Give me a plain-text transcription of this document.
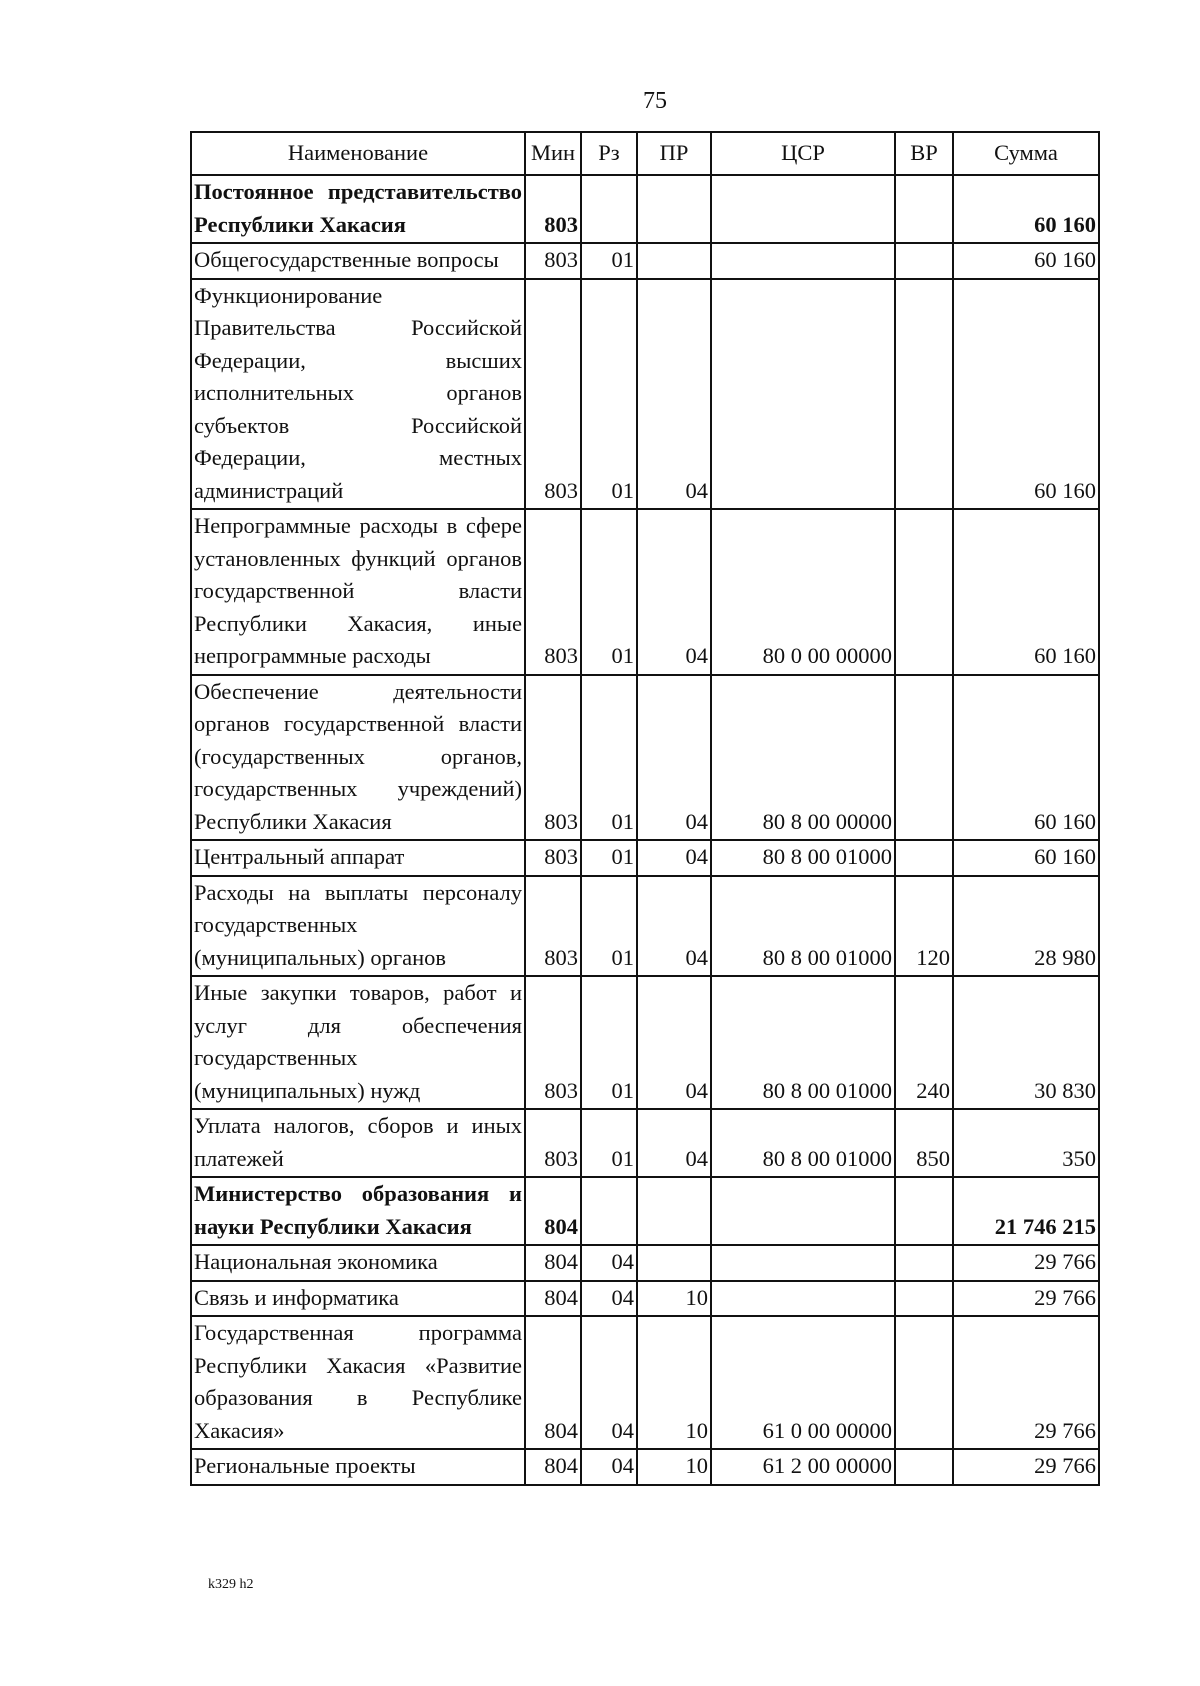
75
Наименование	Мин	Рз	ПР	ЦСР	ВР	Сумма
Постоянное представительство Республики Хакасия	803					60 160
Общегосударственные вопросы	803	01				60 160
Функционирование Правительства Российской Федерации, высших исполнительных органов субъектов Российской Федерации, местных администраций	803	01	04			60 160
Непрограммные расходы в сфере установленных функций органов государственной власти Республики Хакасия, иные непрограммные расходы	803	01	04	80 0 00 00000		60 160
Обеспечение деятельности органов государственной власти (государственных органов, государственных учреждений) Республики Хакасия	803	01	04	80 8 00 00000		60 160
Центральный аппарат	803	01	04	80 8 00 01000		60 160
Расходы на выплаты персоналу государственных (муниципальных) органов	803	01	04	80 8 00 01000	120	28 980
Иные закупки товаров, работ и услуг для обеспечения государственных (муниципальных) нужд	803	01	04	80 8 00 01000	240	30 830
Уплата налогов, сборов и иных платежей	803	01	04	80 8 00 01000	850	350
Министерство образования и науки Республики Хакасия	804					21 746 215
Национальная экономика	804	04				29 766
Связь и информатика	804	04	10			29 766
Государственная программа Республики Хакасия «Развитие образования в Республике Хакасия»	804	04	10	61 0 00 00000		29 766
Региональные проекты	804	04	10	61 2 00 00000		29 766
k329 h2
